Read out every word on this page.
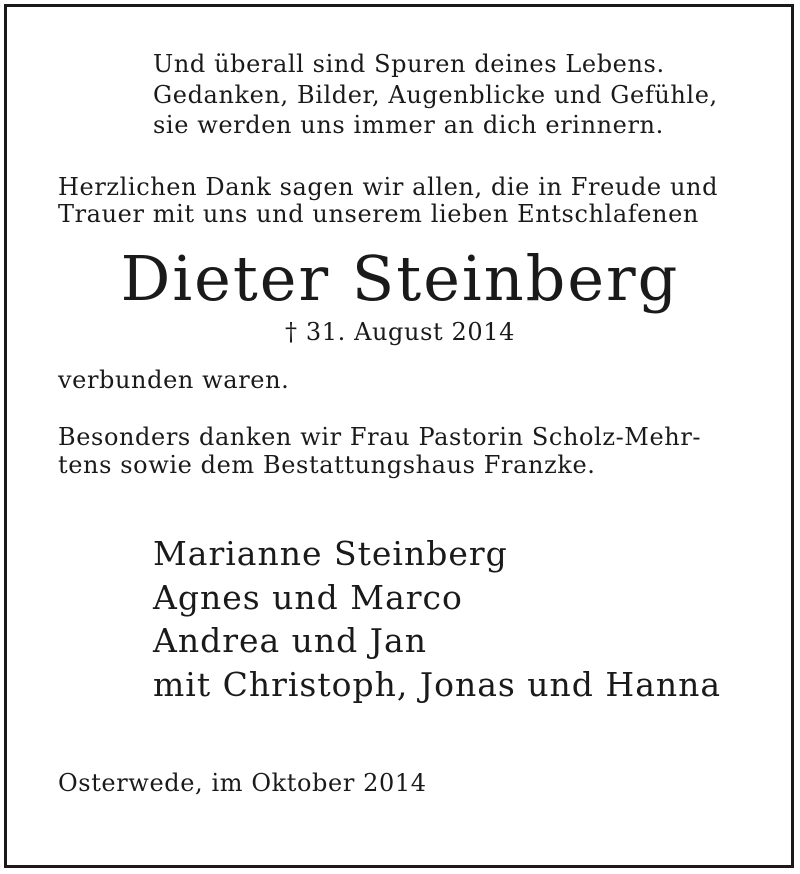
Und überall sind Spuren deines Lebens.
Gedanken, Bilder, Augenblicke und Gefühle,
sie werden uns immer an dich erinnern.
Herzlichen Dank sagen wir allen, die in Freude und
Trauer mit uns und unserem lieben Entschlafenen
Dieter Steinberg
† 31. August 2014
verbunden waren.
Besonders danken wir Frau Pastorin Scholz-Mehr-
tens sowie dem Bestattungshaus Franzke.
Marianne Steinberg
Agnes und Marco
Andrea und Jan
mit Christoph, Jonas und Hanna
Osterwede, im Oktober 2014
